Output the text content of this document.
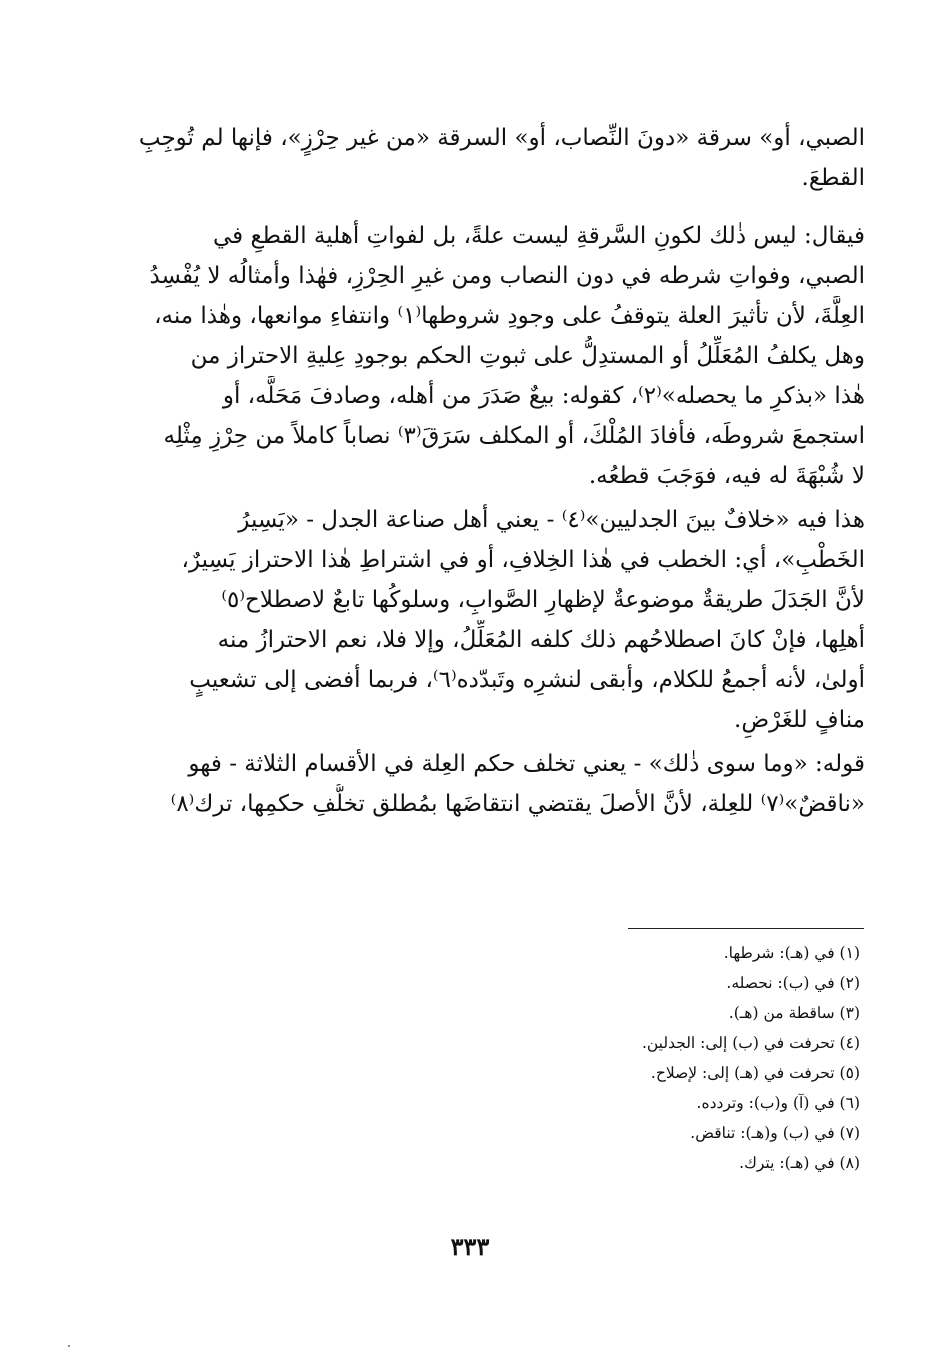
الصبي، أو» سرقة «دونَ النِّصاب، أو» السرقة «من غير حِرْزٍ»، فإنها لم تُوجِبِ
القطعَ.
فيقال: ليس ذٰلك لكونِ السَّرقةِ ليست علةً، بل لفواتِ أهلية القطعِ في
الصبي، وفواتِ شرطه في دون النصاب ومن غيرِ الحِرْزِ، فهٰذا وأمثالُه لا يُفْسِدُ
العِلَّةَ، لأن تأثيرَ العلة يتوقفُ على وجودِ شروطها⁽١⁾ وانتفاءِ موانعها، وهٰذا منه،
وهل يكلفُ المُعَلِّلُ أو المستدِلُّ على ثبوتِ الحكم بوجودِ عِليةِ الاحتراز من
هٰذا «بذكرِ ما يحصله»⁽٢⁾، كقوله: بيعٌ صَدَرَ من أهله، وصادفَ مَحَلَّه، أو
استجمعَ شروطَه، فأفادَ المُلْكَ، أو المكلف سَرَقَ⁽٣⁾ نصاباً كاملاً من حِرْزِ مِثْلِه
لا شُبْهَةَ له فيه، فوَجَبَ قطعُه.
هذا فيه «خلافٌ بينَ الجدليين»⁽٤⁾ - يعني أهل صناعة الجدل - «يَسِيرُ
الخَطْبِ»، أي: الخطب في هٰذا الخِلافِ، أو في اشتراطِ هٰذا الاحتراز يَسِيرٌ،
لأنَّ الجَدَلَ طريقةٌ موضوعةٌ لإظهارِ الصَّوابِ، وسلوكُها تابعٌ لاصطلاح⁽٥⁾
أهلِها، فإنْ كانَ اصطلاحُهم ذلك كلفه المُعَلِّلُ، وإلا فلا، نعم الاحترازُ منه
أولىٰ، لأنه أجمعُ للكلام، وأبقى لنشرِه وتَبدّده⁽٦⁾، فربما أفضى إلى تشعيبٍ
منافٍ للغَرْضِ.
قوله: «وما سوى ذٰلك» - يعني تخلف حكم العِلة في الأقسام الثلاثة - فهو
«ناقضٌ»⁽٧⁾ للعِلة، لأنَّ الأصلَ يقتضي انتقاضَها بمُطلق تخلُّفِ حكمِها، ترك⁽٨⁾
(١) في (هـ): شرطها.
(٢) في (ب): نحصله.
(٣) ساقطة من (هـ).
(٤) تحرفت في (ب) إلى: الجدلين.
(٥) تحرفت في (هـ) إلى: لإصلاح.
(٦) في (آ) و(ب): وتردده.
(٧) في (ب) و(هـ): تناقض.
(٨) في (هـ): يترك.
٣٣٣
